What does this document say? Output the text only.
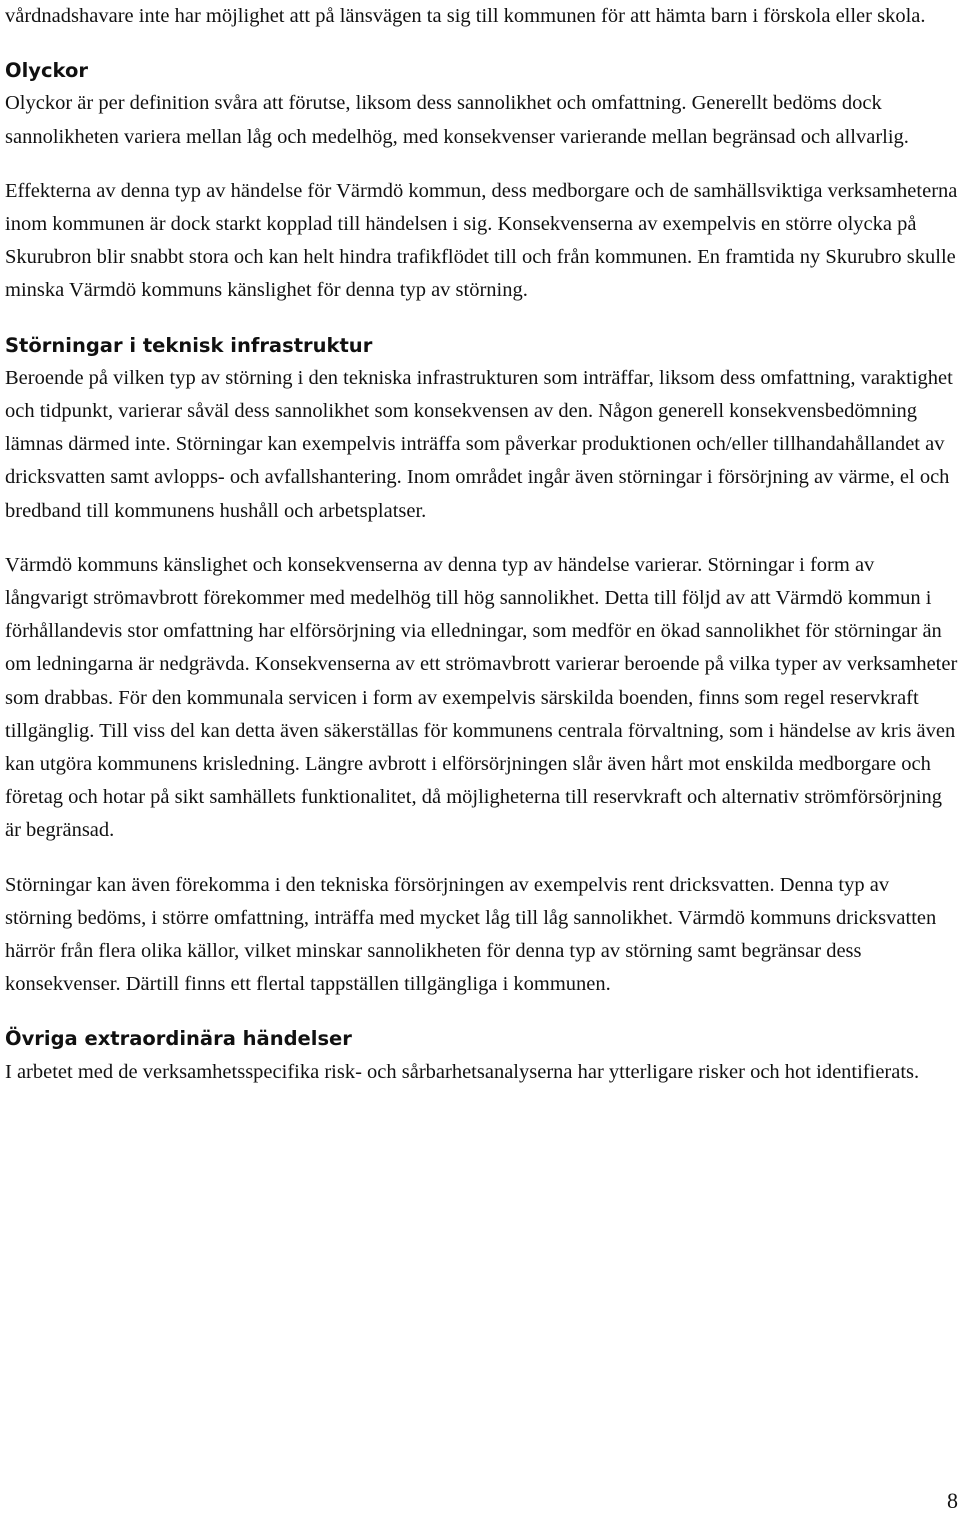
vårdnadshavare inte har möjlighet att på länsvägen ta sig till kommunen för att hämta barn i förskola eller skola.

Olyckor

Olyckor är per definition svåra att förutse, liksom dess sannolikhet och omfattning. Generellt bedöms dock sannolikheten variera mellan låg och medelhög, med konsekvenser varierande mellan begränsad och allvarlig.

Effekterna av denna typ av händelse för Värmdö kommun, dess medborgare och de samhällsviktiga verksamheterna inom kommunen är dock starkt kopplad till händelsen i sig. Konsekvenserna av exempelvis en större olycka på Skurubron blir snabbt stora och kan helt hindra trafikflödet till och från kommunen. En framtida ny Skurubro skulle minska Värmdö kommuns känslighet för denna typ av störning.

Störningar i teknisk infrastruktur

Beroende på vilken typ av störning i den tekniska infrastrukturen som inträffar, liksom dess omfattning, varaktighet och tidpunkt, varierar såväl dess sannolikhet som konsekvensen av den. Någon generell konsekvensbedömning lämnas därmed inte. Störningar kan exempelvis inträffa som påverkar produktionen och/eller tillhandahållandet av dricksvatten samt avlopps- och avfallshantering. Inom området ingår även störningar i försörjning av värme, el och bredband till kommunens hushåll och arbetsplatser.

Värmdö kommuns känslighet och konsekvenserna av denna typ av händelse varierar. Störningar i form av långvarigt strömavbrott förekommer med medelhög till hög sannolikhet. Detta till följd av att Värmdö kommun i förhållandevis stor omfattning har elförsörjning via elledningar, som medför en ökad sannolikhet för störningar än om ledningarna är nedgrävda. Konsekvenserna av ett strömavbrott varierar beroende på vilka typer av verksamheter som drabbas. För den kommunala servicen i form av exempelvis särskilda boenden, finns som regel reservkraft tillgänglig. Till viss del kan detta även säkerställas för kommunens centrala förvaltning, som i händelse av kris även kan utgöra kommunens krisledning. Längre avbrott i elförsörjningen slår även hårt mot enskilda medborgare och företag och hotar på sikt samhällets funktionalitet, då möjligheterna till reservkraft och alternativ strömförsörjning är begränsad.

Störningar kan även förekomma i den tekniska försörjningen av exempelvis rent dricksvatten. Denna typ av störning bedöms, i större omfattning, inträffa med mycket låg till låg sannolikhet. Värmdö kommuns dricksvatten härrör från flera olika källor, vilket minskar sannolikheten för denna typ av störning samt begränsar dess konsekvenser. Därtill finns ett flertal tappställen tillgängliga i kommunen.

Övriga extraordinära händelser

I arbetet med de verksamhetsspecifika risk- och sårbarhetsanalyserna har ytterligare risker och hot identifierats.

8
